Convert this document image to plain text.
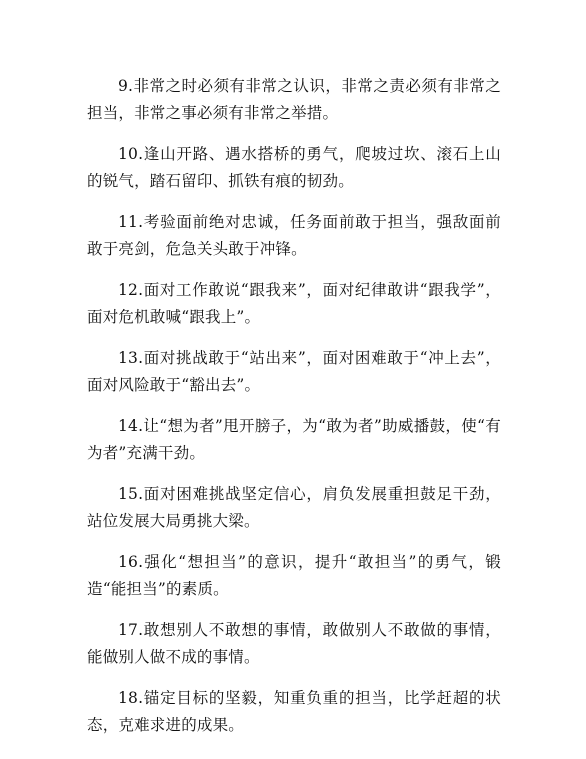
9.非常之时必须有非常之认识，非常之责必须有非常之担当，非常之事必须有非常之举措。

10.逢山开路、遇水搭桥的勇气，爬坡过坎、滚石上山的锐气，踏石留印、抓铁有痕的韧劲。

11.考验面前绝对忠诚，任务面前敢于担当，强敌面前敢于亮剑，危急关头敢于冲锋。

12.面对工作敢说“跟我来”，面对纪律敢讲“跟我学”，面对危机敢喊“跟我上”。

13.面对挑战敢于“站出来”，面对困难敢于“冲上去”，面对风险敢于“豁出去”。

14.让“想为者”甩开膀子，为“敢为者”助威播鼓，使“有为者”充满干劲。

15.面对困难挑战坚定信心，肩负发展重担鼓足干劲，站位发展大局勇挑大梁。

16.强化“想担当”的意识，提升“敢担当”的勇气，锻造“能担当”的素质。

17.敢想别人不敢想的事情，敢做别人不敢做的事情，能做别人做不成的事情。

18.锚定目标的坚毅，知重负重的担当，比学赶超的状态，克难求进的成果。
